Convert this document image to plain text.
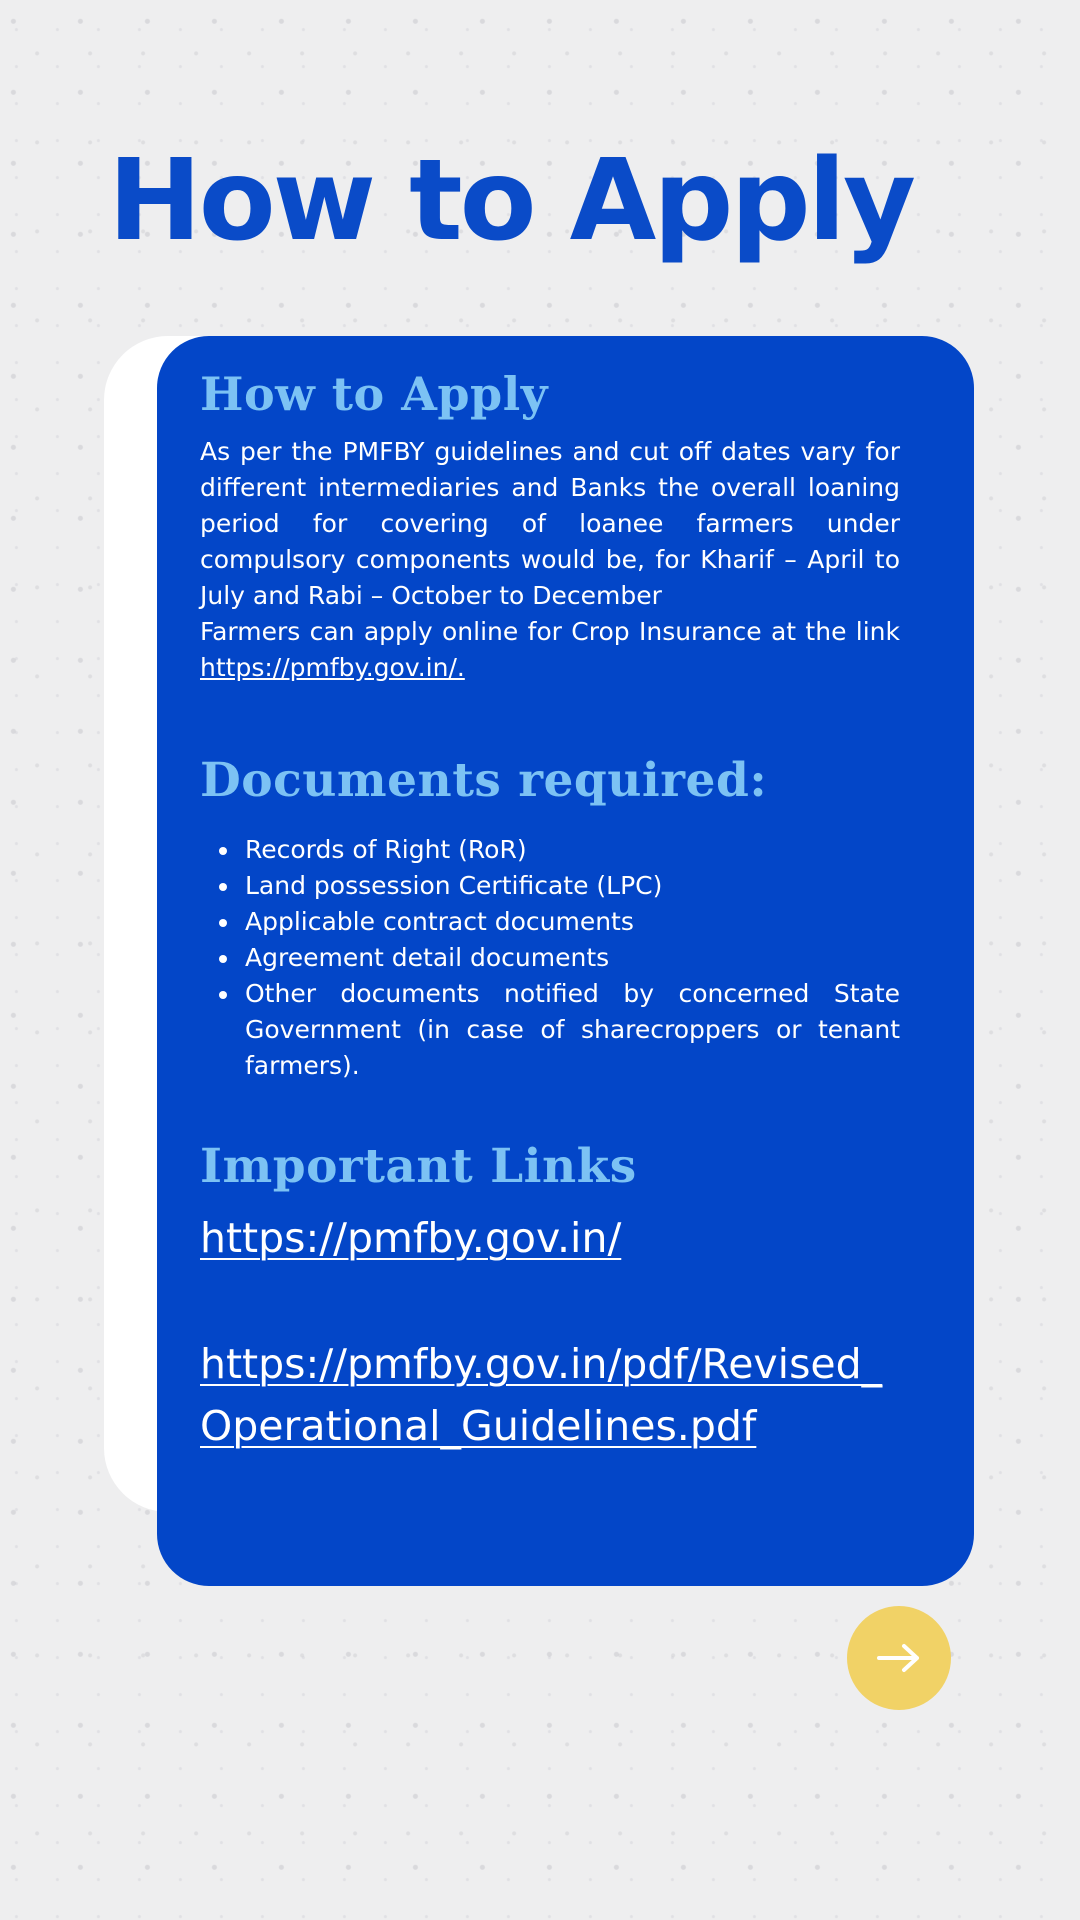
How to Apply
How to Apply

As per the PMFBY guidelines and cut off dates vary for different intermediaries and Banks the overall loaning period for covering of loanee farmers under compulsory components would be, for Kharif – April to July and Rabi – October to December

Farmers can apply online for Crop Insurance at the link https://pmfby.gov.in/.

Documents required:
Records of Right (RoR)
Land possession Certificate (LPC)
Applicable contract documents
Agreement detail documents
Other documents notified by concerned State Government (in case of sharecroppers or tenant farmers).
Important Links
https://pmfby.gov.in/
https://pmfby.gov.in/pdf/Revised_Operational_Guidelines.pdf
